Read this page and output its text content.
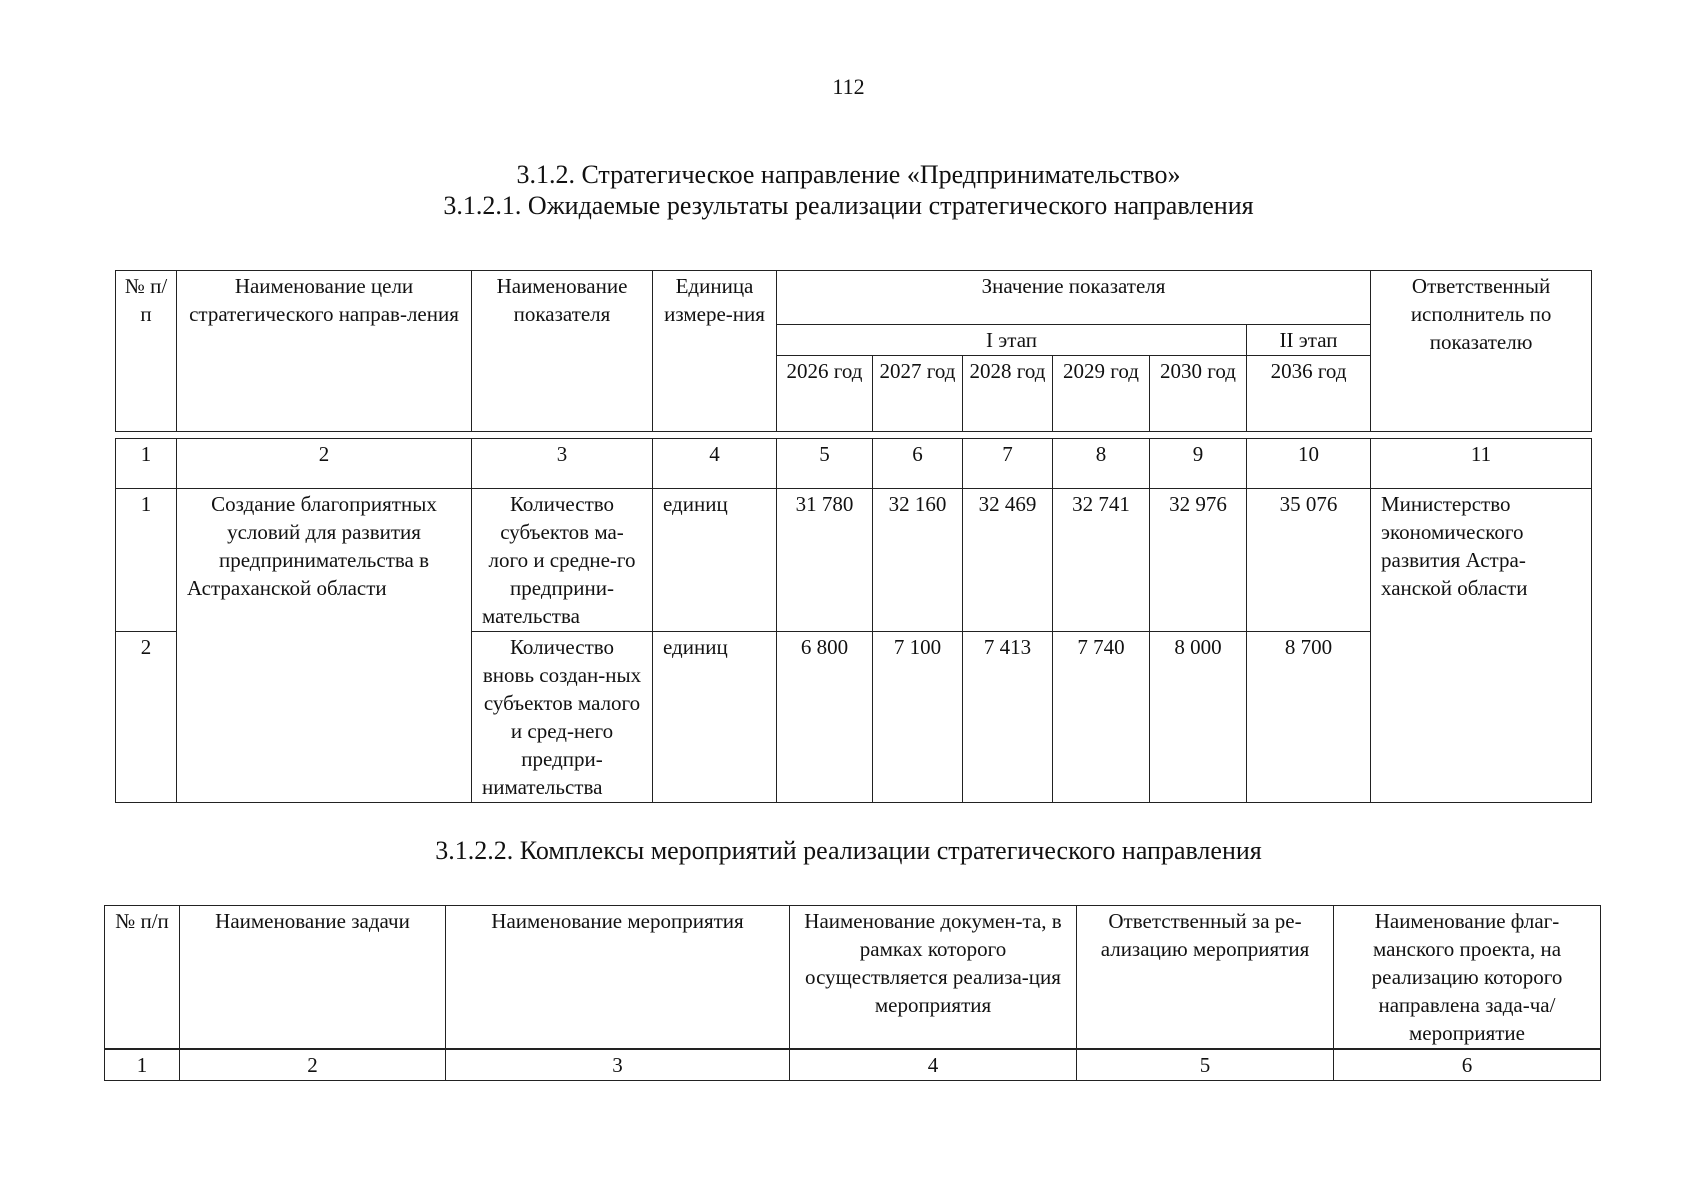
112
3.1.2. Стратегическое направление «Предпринимательство»
3.1.2.1. Ожидаемые результаты реализации стратегического направления
№ п/п	Наименование цели стратегического направ-ления	Наименование показателя	Единица измере-ния	Значение показателя						Ответственный исполнитель по показателю
				I этап					II этап	
				2026 год	2027 год	2028 год	2029 год	2030 год	2036 год	
1	2	3	4	5	6	7	8	9	10	11
1	Создание благоприятных условий для развития предпринимательства в Астраханской области	Количество субъектов ма-лого и средне-го предприни-мательства	единиц	31 780	32 160	32 469	32 741	32 976	35 076	Министерство экономического развития Астра-ханской области
2		Количество вновь создан-ных субъектов малого и сред-него предпри-нимательства	единиц	6 800	7 100	7 413	7 740	8 000	8 700	
3.1.2.2. Комплексы мероприятий реализации стратегического направления
№ п/п	Наименование задачи	Наименование мероприятия	Наименование докумен-та, в рамках которого осуществляется реализа-ция мероприятия	Ответственный за ре-ализацию мероприятия	Наименование флаг-манского проекта, на реализацию которого направлена зада-ча/мероприятие
1	2	3	4	5	6
